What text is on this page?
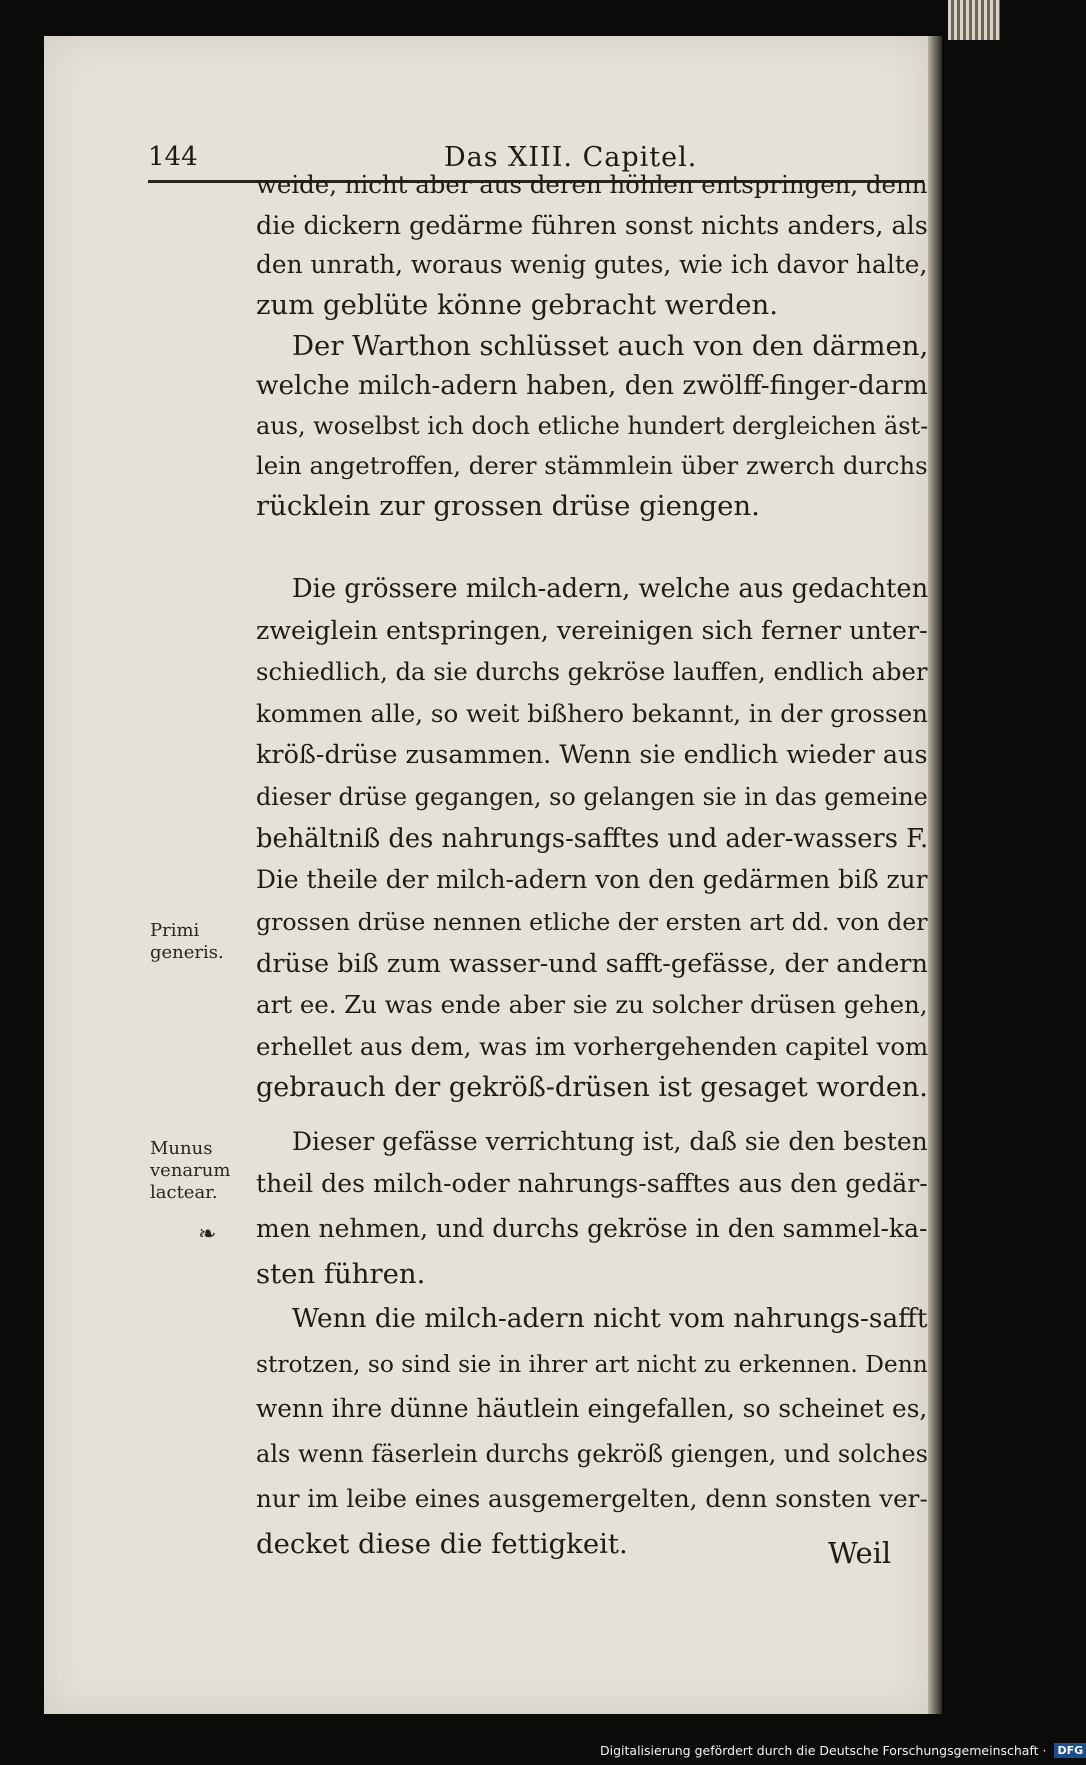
144	Das XIII. Capitel.

weide, nicht aber aus deren höhlen entspringen, denn

die dickern gedärme führen sonst nichts anders, als

den unrath, woraus wenig gutes, wie ich davor halte,

zum geblüte könne gebracht werden.

Der Warthon schlüsset auch von den därmen,

welche milch-adern haben, den zwölff-finger-darm

aus, woselbst ich doch etliche hundert dergleichen äst-

lein angetroffen, derer stämmlein über zwerch durchs

rücklein zur grossen drüse giengen.

Die grössere milch-adern, welche aus gedachten

zweiglein entspringen, vereinigen sich ferner unter-

schiedlich, da sie durchs gekröse lauffen, endlich aber

kommen alle, so weit bißhero bekannt, in der grossen

kröß-drüse zusammen. Wenn sie endlich wieder aus

dieser drüse gegangen, so gelangen sie in das gemeine

behältniß des nahrungs-safftes und ader-wassers F.

Die theile der milch-adern von den gedärmen biß zur

grossen drüse nennen etliche der ersten art dd. von der

drüse biß zum wasser-und safft-gefässe, der andern

art ee. Zu was ende aber sie zu solcher drüsen gehen,

erhellet aus dem, was im vorhergehenden capitel vom

gebrauch der gekröß-drüsen ist gesaget worden.

Dieser gefässe verrichtung ist, daß sie den besten

theil des milch-oder nahrungs-safftes aus den gedär-

men nehmen, und durchs gekröse in den sammel-ka-

sten führen.

Wenn die milch-adern nicht vom nahrungs-safft

strotzen, so sind sie in ihrer art nicht zu erkennen. Denn

wenn ihre dünne häutlein eingefallen, so scheinet es,

als wenn fäserlein durchs gekröß giengen, und solches

nur im leibe eines ausgemergelten, denn sonsten ver-

decket diese die fettigkeit.	Weil

Primi
generis.

Munus
venarum
lactear.

❧
Digitalisierung gefördert durch die Deutsche Forschungsgemeinschaft · DFG
